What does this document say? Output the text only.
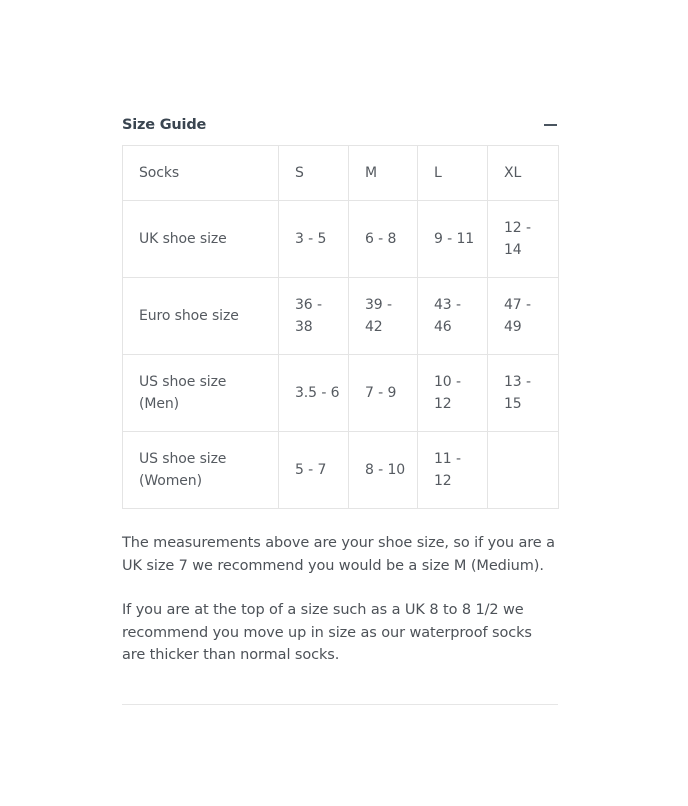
Size Guide
Socks	S	M	L	XL

UK shoe size	3 - 5	6 - 8	9 - 11	12 - 14

Euro shoe size	36 - 38	39 - 42	43 - 46	47 - 49

US shoe size (Men)	3.5 - 6	7 - 9	10 - 12	13 - 15

US shoe size (Women)	5 - 7	8 - 10	11 - 12	

The measurements above are your shoe size, so if you are a UK size 7 we recommend you would be a size M (Medium).

If you are at the top of a size such as a UK 8 to 8 1/2 we recommend you move up in size as our waterproof socks are thicker than normal socks.
